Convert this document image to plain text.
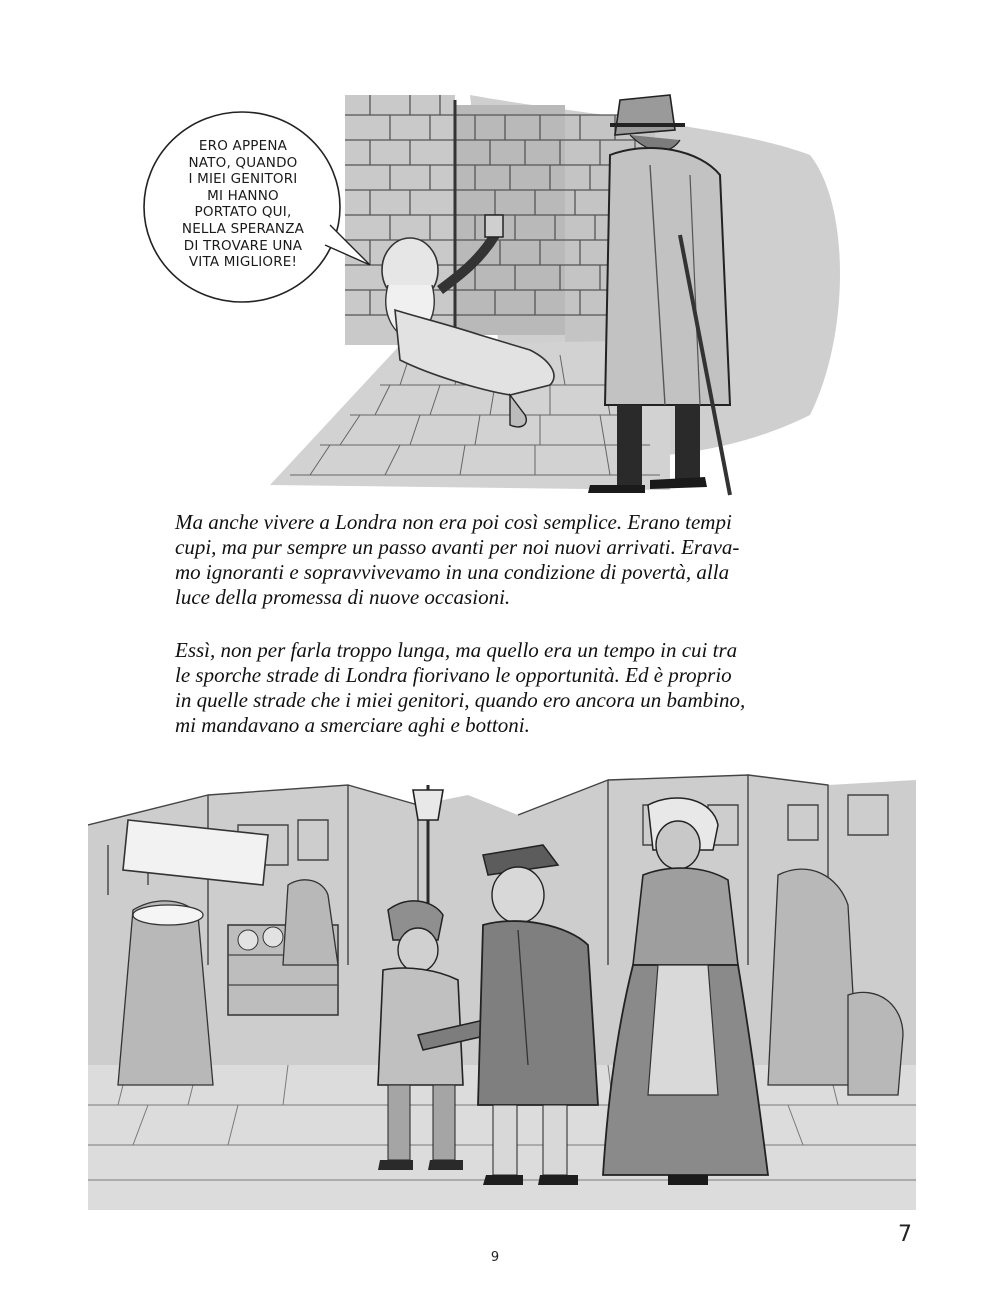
ERO APPENA
NATO, QUANDO
I MIEI GENITORI
MI HANNO
PORTATO QUI,
NELLA SPERANZA
DI TROVARE UNA
VITA MIGLIORE!
Ma anche vivere a Londra non era poi così semplice. Erano tempi
cupi, ma pur sempre un passo avanti per noi nuovi arrivati. Erava-
mo ignoranti e sopravvivevamo in una condizione di povertà, alla
luce della promessa di nuove occasioni.
Essì, non per farla troppo lunga, ma quello era un tempo in cui tra
le sporche strade di Londra fiorivano le opportunità. Ed è proprio
in quelle strade che i miei genitori, quando ero ancora un bambino,
mi mandavano a smerciare aghi e bottoni.
9
7
